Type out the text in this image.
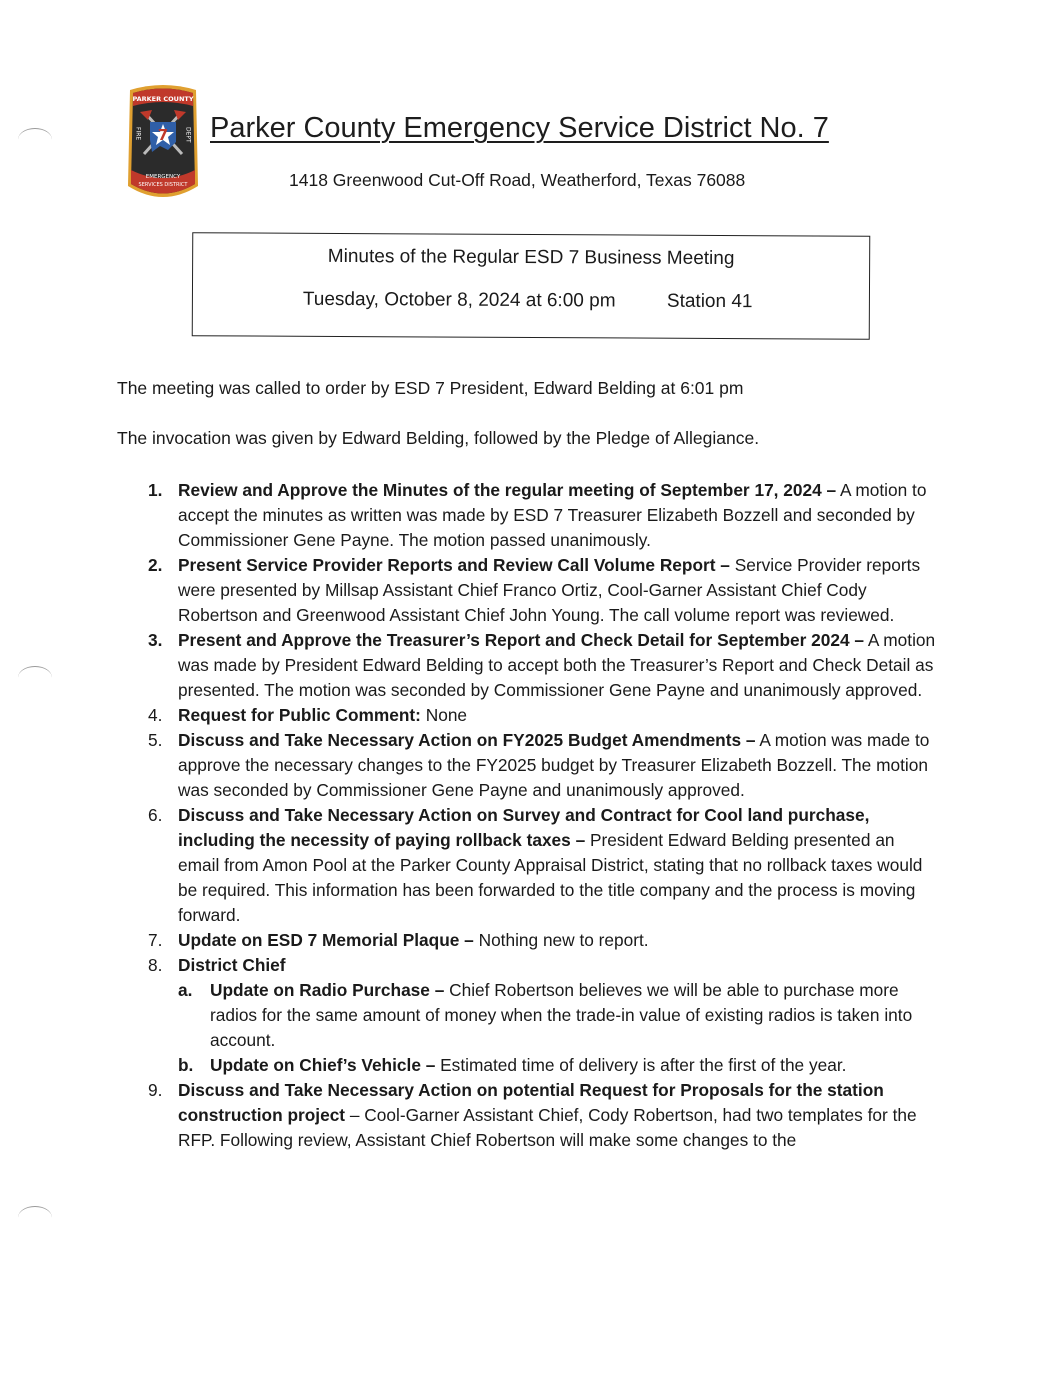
PARKER COUNTY
EMERGENCY
SERVICES DISTRICT
7
FIRE	DEPT Parker County Emergency Service District No. 7
1418 Greenwood Cut-Off Road, Weatherford, Texas 76088
Minutes of the Regular ESD 7 Business Meeting
Tuesday, October 8, 2024 at 6:00 pm	Station 41
The meeting was called to order by ESD 7 President, Edward Belding at 6:01 pm
The invocation was given by Edward Belding, followed by the Pledge of Allegiance.
1. Review and Approve the Minutes of the regular meeting of September 17, 2024 – A motion to accept the minutes as written was made by ESD 7 Treasurer Elizabeth Bozzell and seconded by Commissioner Gene Payne. The motion passed unanimously.
2. Present Service Provider Reports and Review Call Volume Report – Service Provider reports were presented by Millsap Assistant Chief Franco Ortiz, Cool-Garner Assistant Chief Cody Robertson and Greenwood Assistant Chief John Young. The call volume report was reviewed.
3. Present and Approve the Treasurer’s Report and Check Detail for September 2024 – A motion was made by President Edward Belding to accept both the Treasurer’s Report and Check Detail as presented. The motion was seconded by Commissioner Gene Payne and unanimously approved.
4. Request for Public Comment: None
5. Discuss and Take Necessary Action on FY2025 Budget Amendments – A motion was made to approve the necessary changes to the FY2025 budget by Treasurer Elizabeth Bozzell. The motion was seconded by Commissioner Gene Payne and unanimously approved.
6. Discuss and Take Necessary Action on Survey and Contract for Cool land purchase, including the necessity of paying rollback taxes – President Edward Belding presented an email from Amon Pool at the Parker County Appraisal District, stating that no rollback taxes would be required. This information has been forwarded to the title company and the process is moving forward.
7. Update on ESD 7 Memorial Plaque – Nothing new to report.
8. District Chief
a. Update on Radio Purchase – Chief Robertson believes we will be able to purchase more radios for the same amount of money when the trade-in value of existing radios is taken into account.
b. Update on Chief’s Vehicle – Estimated time of delivery is after the first of the year.
9. Discuss and Take Necessary Action on potential Request for Proposals for the station construction project – Cool-Garner Assistant Chief, Cody Robertson, had two templates for the RFP. Following review, Assistant Chief Robertson will make some changes to the
